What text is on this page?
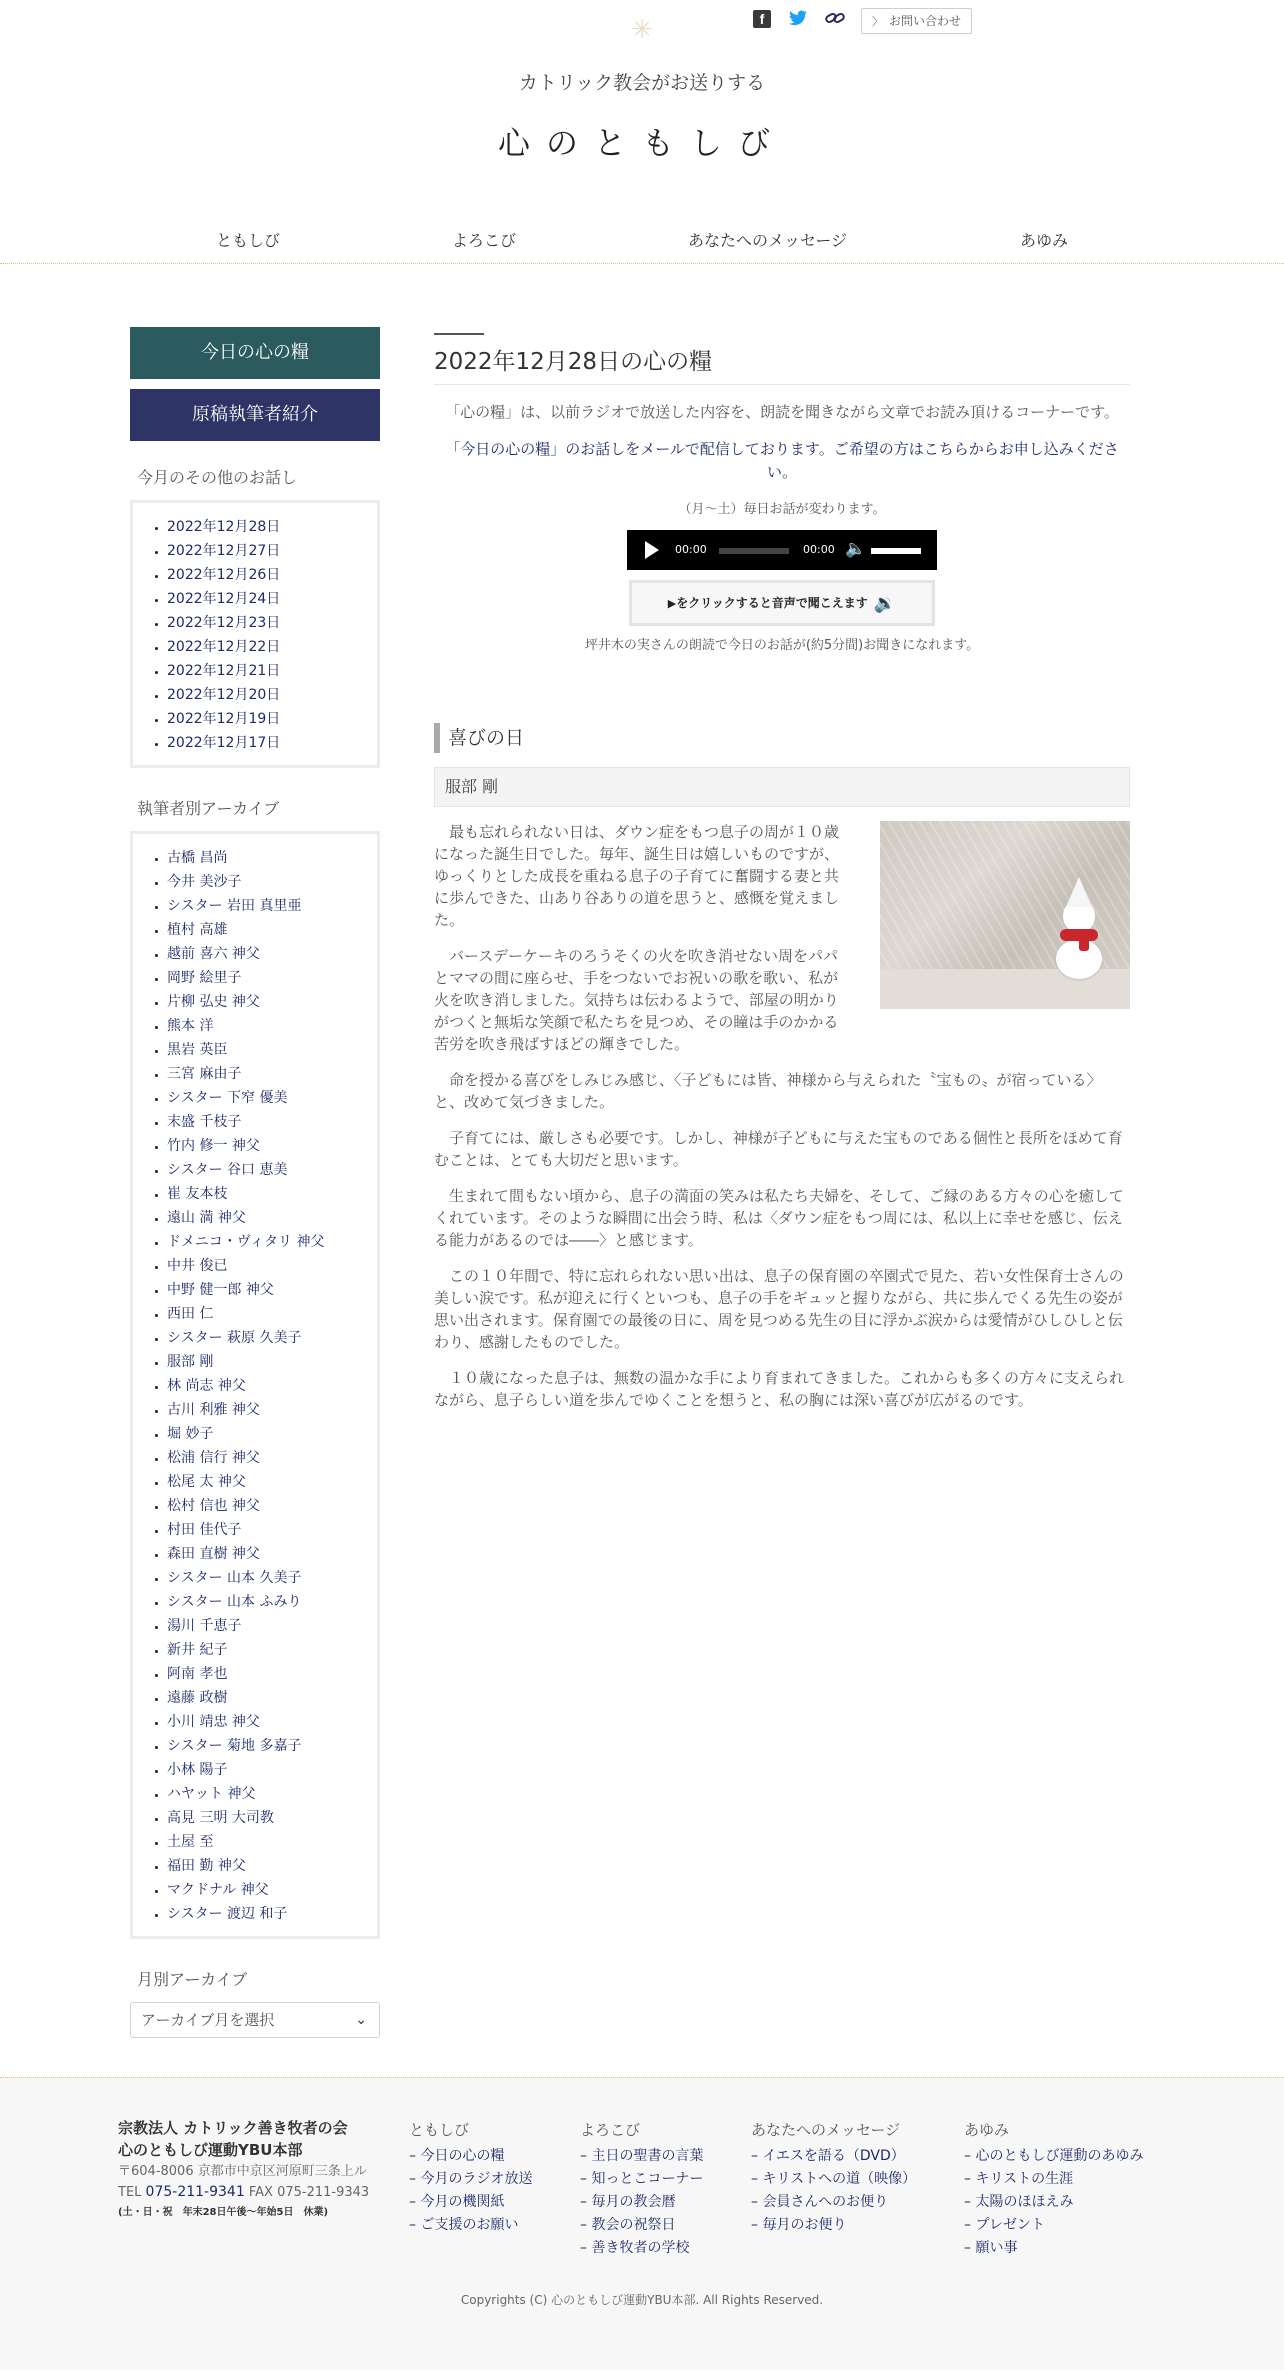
✳	f	〉 お問い合わせ
カトリック教会がお送りする
心のともしび
ともしび	よろこび	あなたへのメッセージ	あゆみ
今日の心の糧
原稿執筆者紹介
今月のその他のお話し
• 2022年12月28日
• 2022年12月27日
• 2022年12月26日
• 2022年12月24日
• 2022年12月23日
• 2022年12月22日
• 2022年12月21日
• 2022年12月20日
• 2022年12月19日
• 2022年12月17日
執筆者別アーカイブ
• 古橋 昌尚
• 今井 美沙子
• シスター 岩田 真里亜
• 植村 高雄
• 越前 喜六 神父
• 岡野 絵里子
• 片柳 弘史 神父
• 熊本 洋
• 黒岩 英臣
• 三宮 麻由子
• シスター 下窄 優美
• 末盛 千枝子
• 竹内 修一 神父
• シスター 谷口 恵美
• 崔 友本枝
• 遠山 満 神父
• ドメニコ・ヴィタリ 神父
• 中井 俊已
• 中野 健一郎 神父
• 西田 仁
• シスター 萩原 久美子
• 服部 剛
• 林 尚志 神父
• 古川 利雅 神父
• 堀 妙子
• 松浦 信行 神父
• 松尾 太 神父
• 松村 信也 神父
• 村田 佳代子
• 森田 直樹 神父
• シスター 山本 久美子
• シスター 山本 ふみり
• 湯川 千恵子
• 新井 紀子
• 阿南 孝也
• 遠藤 政樹
• 小川 靖忠 神父
• シスター 菊地 多嘉子
• 小林 陽子
• ハヤット 神父
• 高見 三明 大司教
• 土屋 至
• 福田 勤 神父
• マクドナル 神父
• シスター 渡辺 和子
月別アーカイブ
アーカイブ月を選択	⌄
2022年12月28日の心の糧
「心の糧」は、以前ラジオで放送した内容を、朗読を聞きながら文章でお読み頂けるコーナーです。
「今日の心の糧」のお話しをメールで配信しております。ご希望の方はこちらからお申し込みください。
（月～土）毎日お話が変わります。
00:00	00:00 🔈
▶をクリックすると音声で聞こえます 🔉
坪井木の実さんの朗読で今日のお話が(約5分間)お聞きになれます。
喜びの日
服部 剛

最も忘れられない日は、ダウン症をもつ息子の周が１０歳になった誕生日でした。毎年、誕生日は嬉しいものですが、ゆっくりとした成長を重ねる息子の子育てに奮闘する妻と共に歩んできた、山あり谷ありの道を思うと、感慨を覚えました。

バースデーケーキのろうそくの火を吹き消せない周をパパとママの間に座らせ、手をつないでお祝いの歌を歌い、私が火を吹き消しました。気持ちは伝わるようで、部屋の明かりがつくと無垢な笑顔で私たちを見つめ、その瞳は手のかかる苦労を吹き飛ばすほどの輝きでした。

命を授かる喜びをしみじみ感じ、〈子どもには皆、神様から与えられた〝宝もの〟が宿っている〉と、改めて気づきました。

子育てには、厳しさも必要です。しかし、神様が子どもに与えた宝ものである個性と長所をほめて育むことは、とても大切だと思います。

生まれて間もない頃から、息子の満面の笑みは私たち夫婦を、そして、ご縁のある方々の心を癒してくれています。そのような瞬間に出会う時、私は〈ダウン症をもつ周には、私以上に幸せを感じ、伝える能力があるのでは――〉と感じます。

この１０年間で、特に忘れられない思い出は、息子の保育園の卒園式で見た、若い女性保育士さんの美しい涙です。私が迎えに行くといつも、息子の手をギュッと握りながら、共に歩んでくる先生の姿が思い出されます。保育園での最後の日に、周を見つめる先生の目に浮かぶ涙からは愛情がひしひしと伝わり、感謝したものでした。

１０歳になった息子は、無数の温かな手により育まれてきました。これからも多くの方々に支えられながら、息子らしい道を歩んでゆくことを想うと、私の胸には深い喜びが広がるのです。

宗教法人 カトリック善き牧者の会
心のともしび運動YBU本部
〒604-8006 京都市中京区河原町三条上ル
TEL 075-211-9341 FAX 075-211-9343
(土・日・祝　年末28日午後〜年始5日　休業)
ともしび
– 今日の心の糧
– 今月のラジオ放送
– 今月の機関紙
– ご支援のお願い
よろこび
– 主日の聖書の言葉
– 知っとこコーナー
– 毎月の教会暦
– 教会の祝祭日
– 善き牧者の学校
あなたへのメッセージ
– イエスを語る（DVD）
– キリストへの道（映像）
– 会員さんへのお便り
– 毎月のお便り
あゆみ
– 心のともしび運動のあゆみ
– キリストの生涯
– 太陽のほほえみ
– プレゼント
– 願い事
Copyrights (C) 心のともしび運動YBU本部. All Rights Reserved.
